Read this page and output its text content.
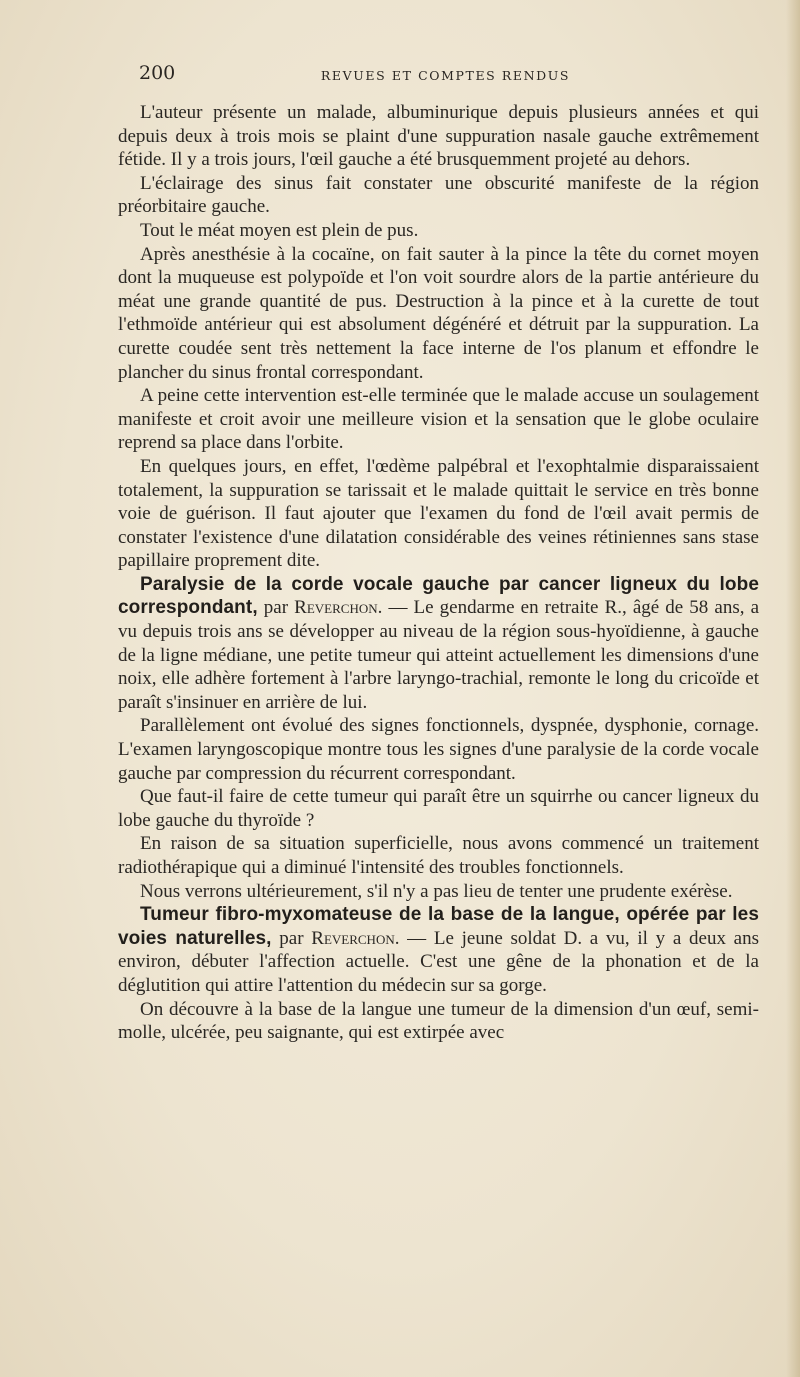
200	REVUES ET COMPTES RENDUS

L'auteur présente un malade, albuminurique depuis plusieurs années et qui depuis deux à trois mois se plaint d'une suppuration nasale gauche extrêmement fétide. Il y a trois jours, l'œil gauche a été brusquemment projeté au dehors.

L'éclairage des sinus fait constater une obscurité manifeste de la région préorbitaire gauche.

Tout le méat moyen est plein de pus.

Après anesthésie à la cocaïne, on fait sauter à la pince la tête du cornet moyen dont la muqueuse est polypoïde et l'on voit sourdre alors de la partie antérieure du méat une grande quantité de pus. Destruction à la pince et à la curette de tout l'ethmoïde antérieur qui est absolument dégénéré et détruit par la suppuration. La curette coudée sent très nettement la face interne de l'os planum et effondre le plancher du sinus frontal correspondant.

A peine cette intervention est-elle terminée que le malade accuse un soulagement manifeste et croit avoir une meilleure vision et la sensation que le globe oculaire reprend sa place dans l'orbite.

En quelques jours, en effet, l'œdème palpébral et l'exophtalmie disparaissaient totalement, la suppuration se tarissait et le malade quittait le service en très bonne voie de guérison. Il faut ajouter que l'examen du fond de l'œil avait permis de constater l'existence d'une dilatation considérable des veines rétiniennes sans stase papillaire proprement dite.

Paralysie de la corde vocale gauche par cancer ligneux du lobe correspondant, par Reverchon. — Le gendarme en retraite R., âgé de 58 ans, a vu depuis trois ans se développer au niveau de la région sous-hyoïdienne, à gauche de la ligne médiane, une petite tumeur qui atteint actuellement les dimensions d'une noix, elle adhère fortement à l'arbre laryngo-trachial, remonte le long du cricoïde et paraît s'insinuer en arrière de lui.

Parallèlement ont évolué des signes fonctionnels, dyspnée, dysphonie, cornage. L'examen laryngoscopique montre tous les signes d'une paralysie de la corde vocale gauche par compression du récurrent correspondant.

Que faut-il faire de cette tumeur qui paraît être un squirrhe ou cancer ligneux du lobe gauche du thyroïde ?

En raison de sa situation superficielle, nous avons commencé un traitement radiothérapique qui a diminué l'intensité des troubles fonctionnels.

Nous verrons ultérieurement, s'il n'y a pas lieu de tenter une prudente exérèse.

Tumeur fibro-myxomateuse de la base de la langue, opérée par les voies naturelles, par Reverchon. — Le jeune soldat D. a vu, il y a deux ans environ, débuter l'affection actuelle. C'est une gêne de la phonation et de la déglutition qui attire l'attention du médecin sur sa gorge.

On découvre à la base de la langue une tumeur de la dimension d'un œuf, semi-molle, ulcérée, peu saignante, qui est extirpée avec
